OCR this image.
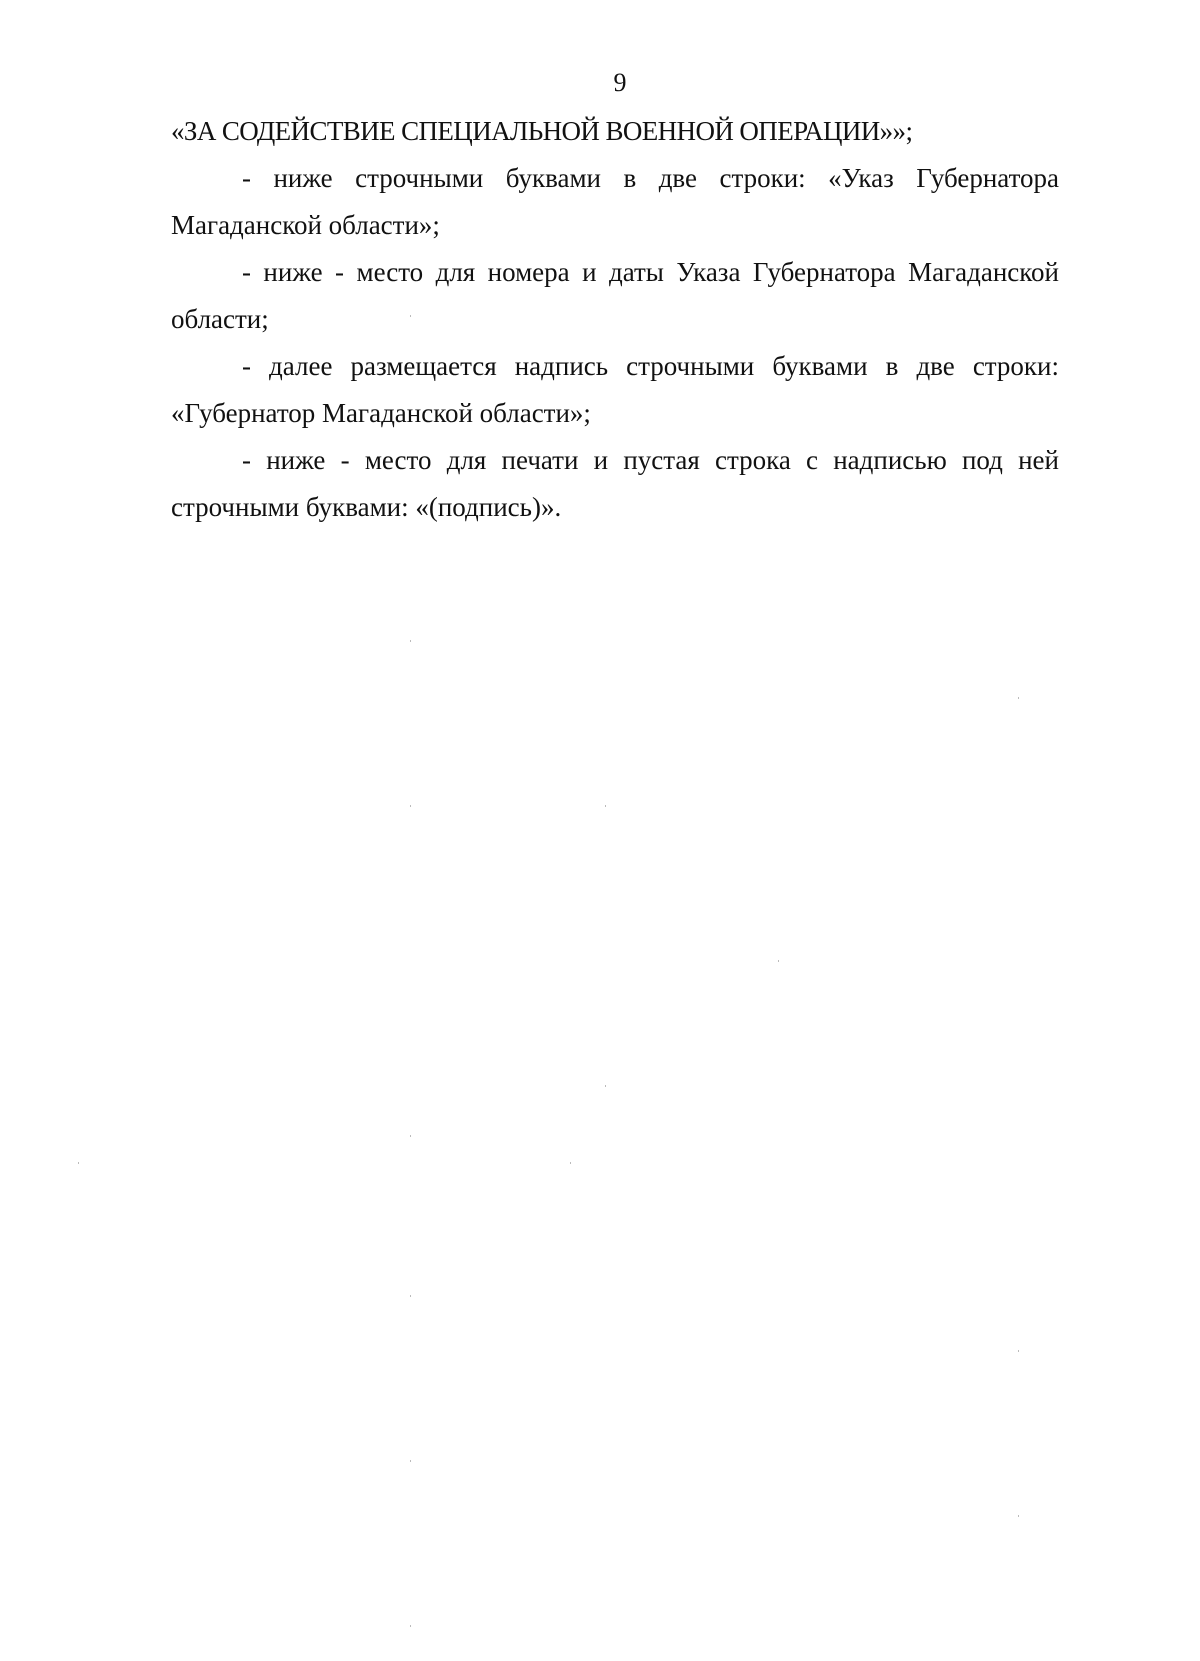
9

«ЗА СОДЕЙСТВИЕ СПЕЦИАЛЬНОЙ ВОЕННОЙ ОПЕРАЦИИ»»;

- ниже строчными буквами в две строки: «Указ Губернатора Магаданской области»;

- ниже - место для номера и даты Указа Губернатора Магаданской области;

- далее размещается надпись строчными буквами в две строки: «Губернатор Магаданской области»;

- ниже - место для печати и пустая строка с надписью под ней строчными буквами: «(подпись)».
